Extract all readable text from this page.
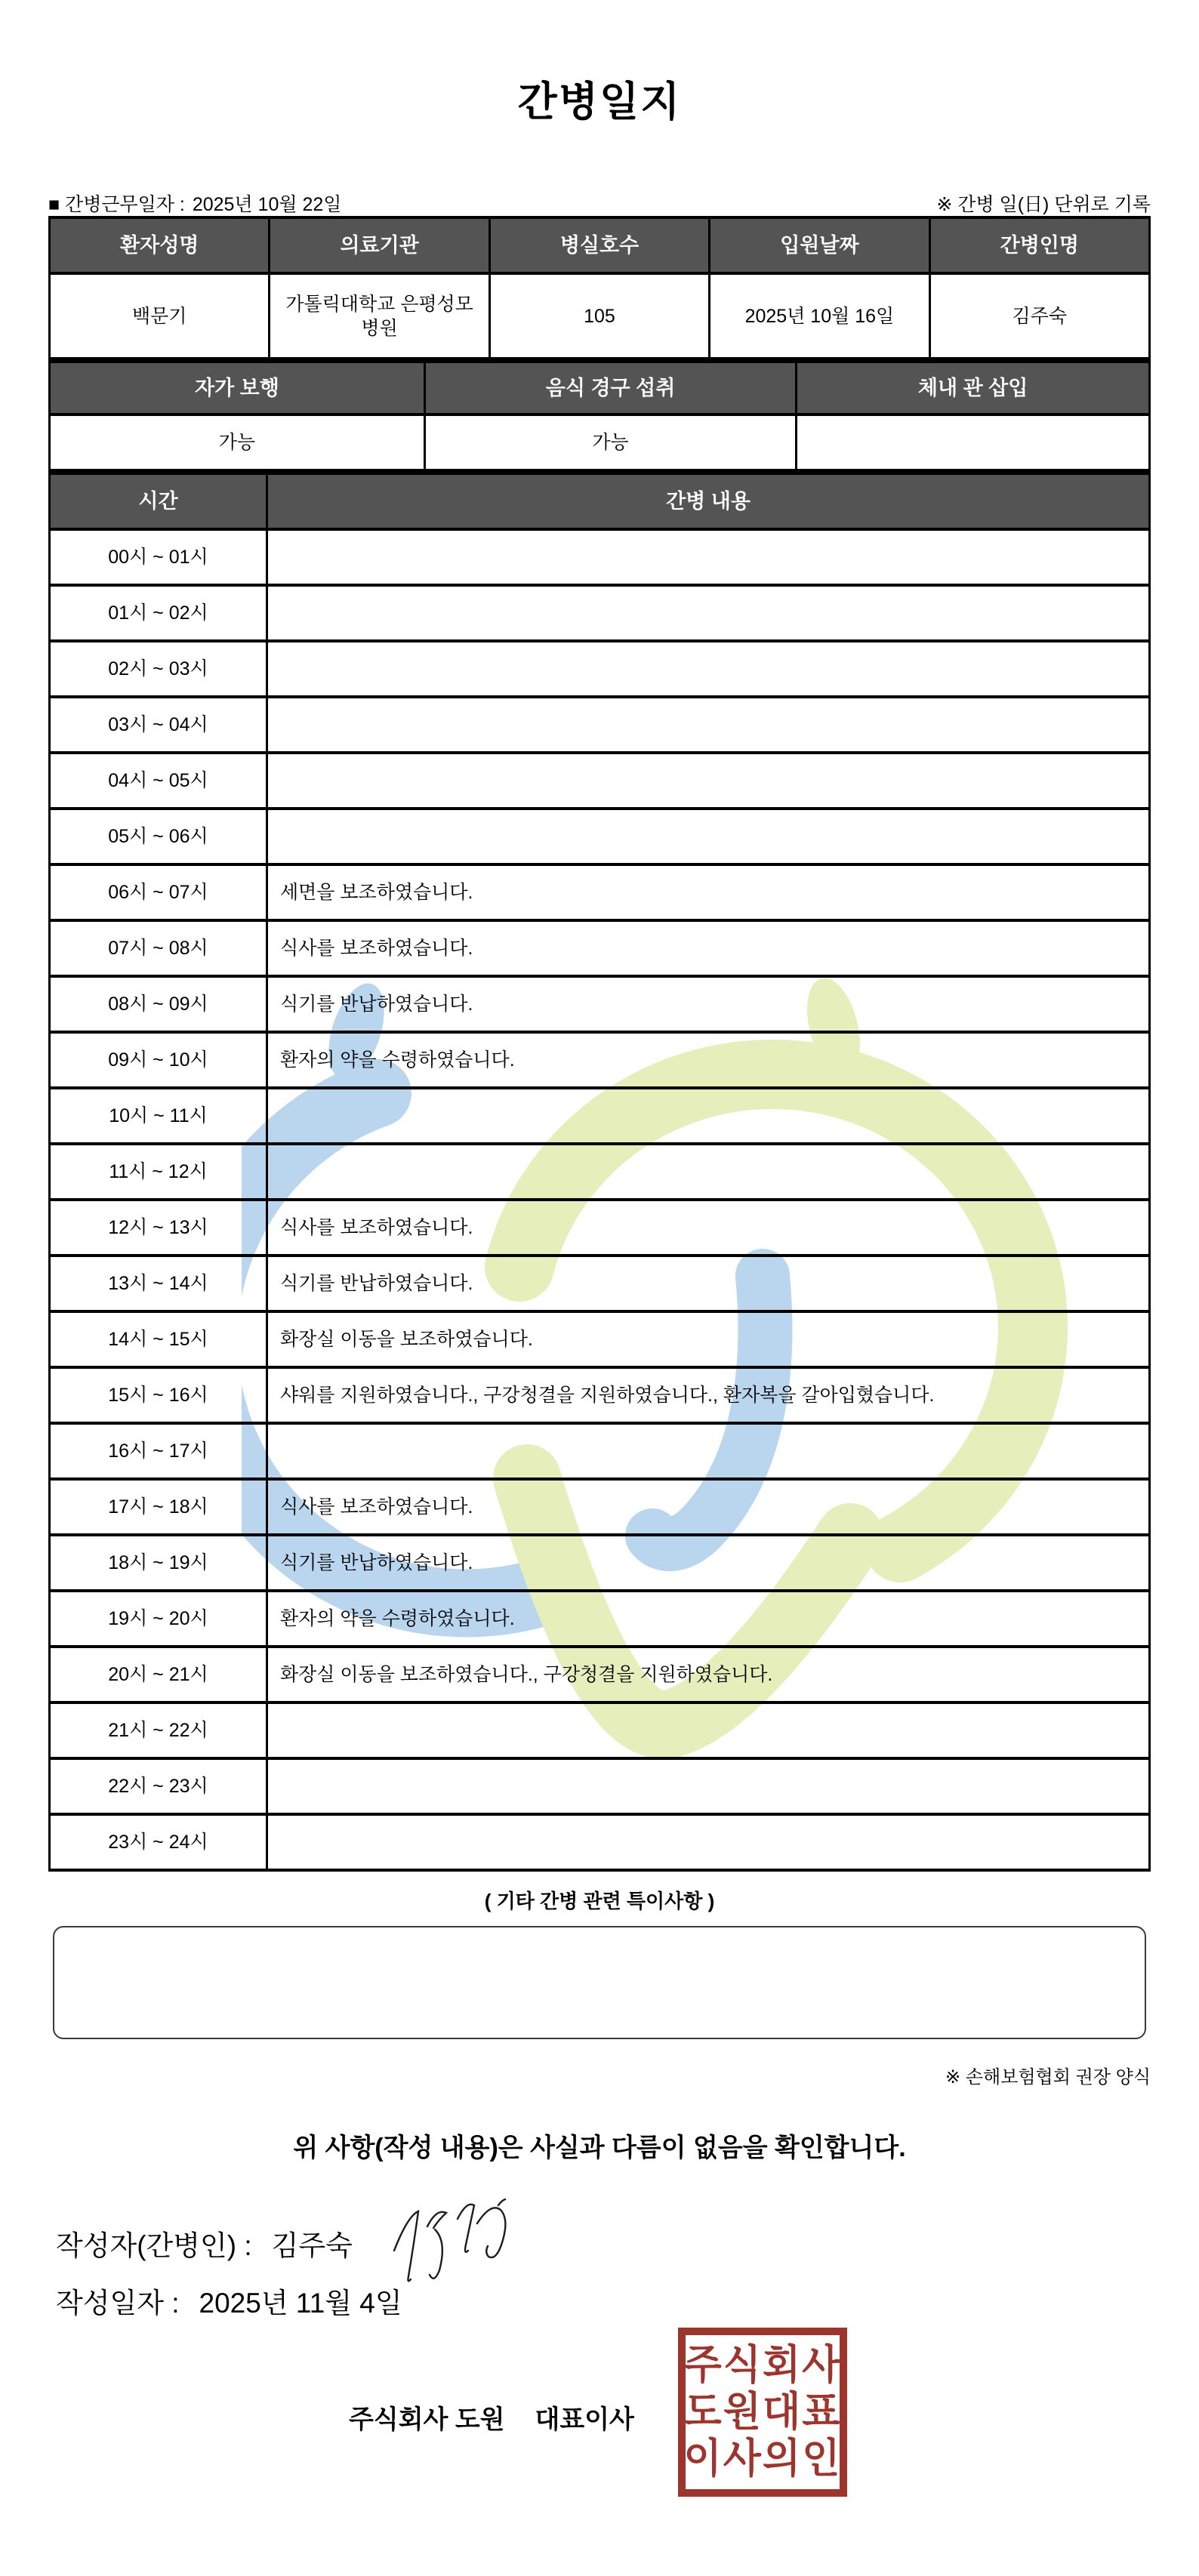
간병일지
■ 간병근무일자 : 2025년 10월 22일	※ 간병 일(日) 단위로 기록
환자성명	의료기관	병실호수	입원날짜	간병인명
백문기	가톨릭대학교 은평성모병원	105	2025년 10월 16일	김주숙
자가 보행	음식 경구 섭취	체내 관 삽입
가능	가능	
시간	간병 내용
00시 ~ 01시	
01시 ~ 02시	
02시 ~ 03시	
03시 ~ 04시	
04시 ~ 05시	
05시 ~ 06시	
06시 ~ 07시	세면을 보조하였습니다.
07시 ~ 08시	식사를 보조하였습니다.
08시 ~ 09시	식기를 반납하였습니다.
09시 ~ 10시	환자의 약을 수령하였습니다.
10시 ~ 11시	
11시 ~ 12시	
12시 ~ 13시	식사를 보조하였습니다.
13시 ~ 14시	식기를 반납하였습니다.
14시 ~ 15시	화장실 이동을 보조하였습니다.
15시 ~ 16시	샤워를 지원하였습니다., 구강청결을 지원하였습니다., 환자복을 갈아입혔습니다.
16시 ~ 17시	
17시 ~ 18시	식사를 보조하였습니다.
18시 ~ 19시	식기를 반납하였습니다.
19시 ~ 20시	환자의 약을 수령하였습니다.
20시 ~ 21시	화장실 이동을 보조하였습니다., 구강청결을 지원하였습니다.
21시 ~ 22시	
22시 ~ 23시	
23시 ~ 24시	
( 기타 간병 관련 특이사항 )
※ 손해보험협회 권장 양식
위 사항(작성 내용)은 사실과 다름이 없음을 확인합니다.
작성자(간병인) : 김주숙
작성일자 : 2025년 11월 4일
주식회사 도원 대표이사
주식회사
도원대표
이사의인
